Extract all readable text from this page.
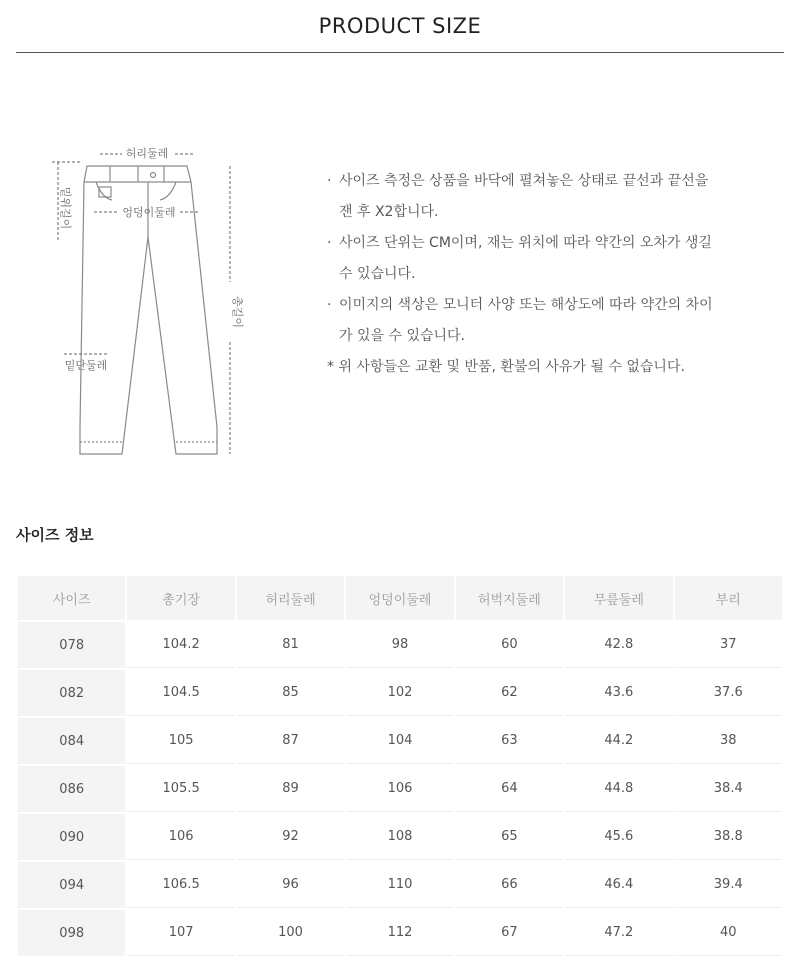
PRODUCT SIZE
허리둘레
밑위길이	엉덩이둘레
총길이
밑단둘레
· 사이즈 측정은 상품을 바닥에 펼쳐놓은 상태로 끝선과 끝선을
잰 후 X2합니다.
· 사이즈 단위는 CM이며, 재는 위치에 따라 약간의 오차가 생길
수 있습니다.
· 이미지의 색상은 모니터 사양 또는 해상도에 따라 약간의 차이
가 있을 수 있습니다.
* 위 사항들은 교환 및 반품, 환불의 사유가 될 수 없습니다.
사이즈 정보
사이즈	총기장	허리둘레	엉덩이둘레	허벅지둘레	무릎둘레	부리
078	104.2	81	98	60	42.8	37
082	104.5	85	102	62	43.6	37.6
084	105	87	104	63	44.2	38
086	105.5	89	106	64	44.8	38.4
090	106	92	108	65	45.6	38.8
094	106.5	96	110	66	46.4	39.4
098	107	100	112	67	47.2	40
